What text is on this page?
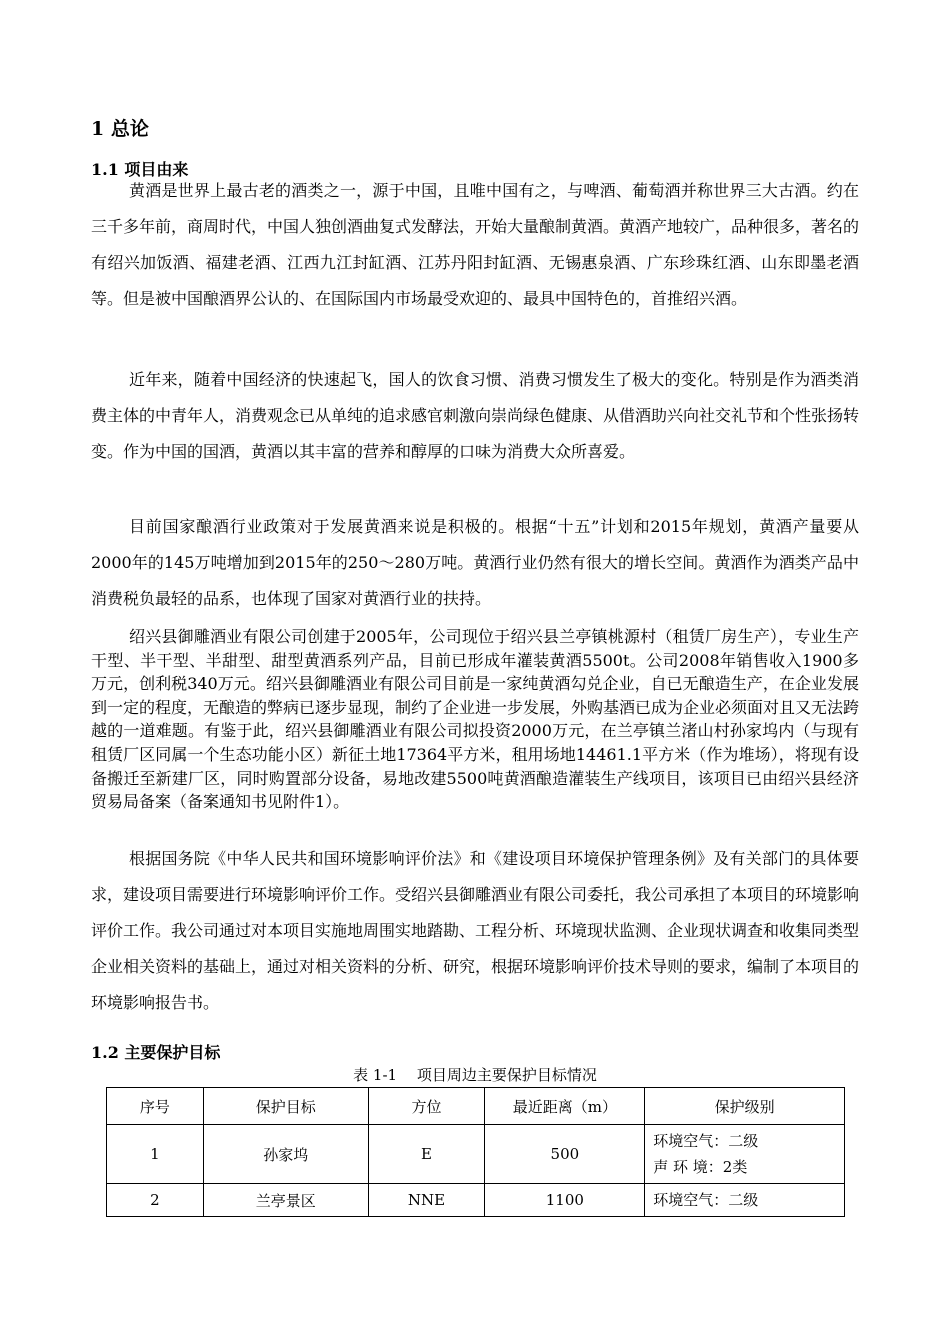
1 总论
1.1 项目由来

黄酒是世界上最古老的酒类之一，源于中国，且唯中国有之，与啤酒、葡萄酒并称世界三大古酒。约在三千多年前，商周时代，中国人独创酒曲复式发酵法，开始大量酿制黄酒。黄酒产地较广，品种很多，著名的有绍兴加饭酒、福建老酒、江西九江封缸酒、江苏丹阳封缸酒、无锡惠泉酒、广东珍珠红酒、山东即墨老酒等。但是被中国酿酒界公认的、在国际国内市场最受欢迎的、最具中国特色的，首推绍兴酒。

近年来，随着中国经济的快速起飞，国人的饮食习惯、消费习惯发生了极大的变化。特别是作为酒类消费主体的中青年人，消费观念已从单纯的追求感官刺激向崇尚绿色健康、从借酒助兴向社交礼节和个性张扬转变。作为中国的国酒，黄酒以其丰富的营养和醇厚的口味为消费大众所喜爱。

目前国家酿酒行业政策对于发展黄酒来说是积极的。根据“十五”计划和2015年规划，黄酒产量要从2000年的145万吨增加到2015年的250～280万吨。黄酒行业仍然有很大的增长空间。黄酒作为酒类产品中消费税负最轻的品系，也体现了国家对黄酒行业的扶持。

绍兴县御雕酒业有限公司创建于2005年，公司现位于绍兴县兰亭镇桃源村（租赁厂房生产），专业生产干型、半干型、半甜型、甜型黄酒系列产品，目前已形成年灌装黄酒5500t。公司2008年销售收入1900多万元，创利税340万元。绍兴县御雕酒业有限公司目前是一家纯黄酒勾兑企业，自已无酿造生产，在企业发展到一定的程度，无酿造的弊病已逐步显现，制约了企业进一步发展，外购基酒已成为企业必须面对且又无法跨越的一道难题。有鉴于此，绍兴县御雕酒业有限公司拟投资2000万元，在兰亭镇兰渚山村孙家坞内（与现有租赁厂区同属一个生态功能小区）新征土地17364平方米，租用场地14461.1平方米（作为堆场），将现有设备搬迁至新建厂区，同时购置部分设备，易地改建5500吨黄酒酿造灌装生产线项目，该项目已由绍兴县经济贸易局备案（备案通知书见附件1）。

根据国务院《中华人民共和国环境影响评价法》和《建设项目环境保护管理条例》及有关部门的具体要求，建设项目需要进行环境影响评价工作。受绍兴县御雕酒业有限公司委托，我公司承担了本项目的环境影响评价工作。我公司通过对本项目实施地周围实地踏勘、工程分析、环境现状监测、企业现状调查和收集同类型企业相关资料的基础上，通过对相关资料的分析、研究，根据环境影响评价技术导则的要求，编制了本项目的环境影响报告书。

1.2 主要保护目标
表 1-1　 项目周边主要保护目标情况
序号	保护目标	方位	最近距离（m）	保护级别
1	孙家坞	E	500	环境空气：二级
声 环 境：2类

2	兰亭景区	NNE	1100	环境空气：二级
